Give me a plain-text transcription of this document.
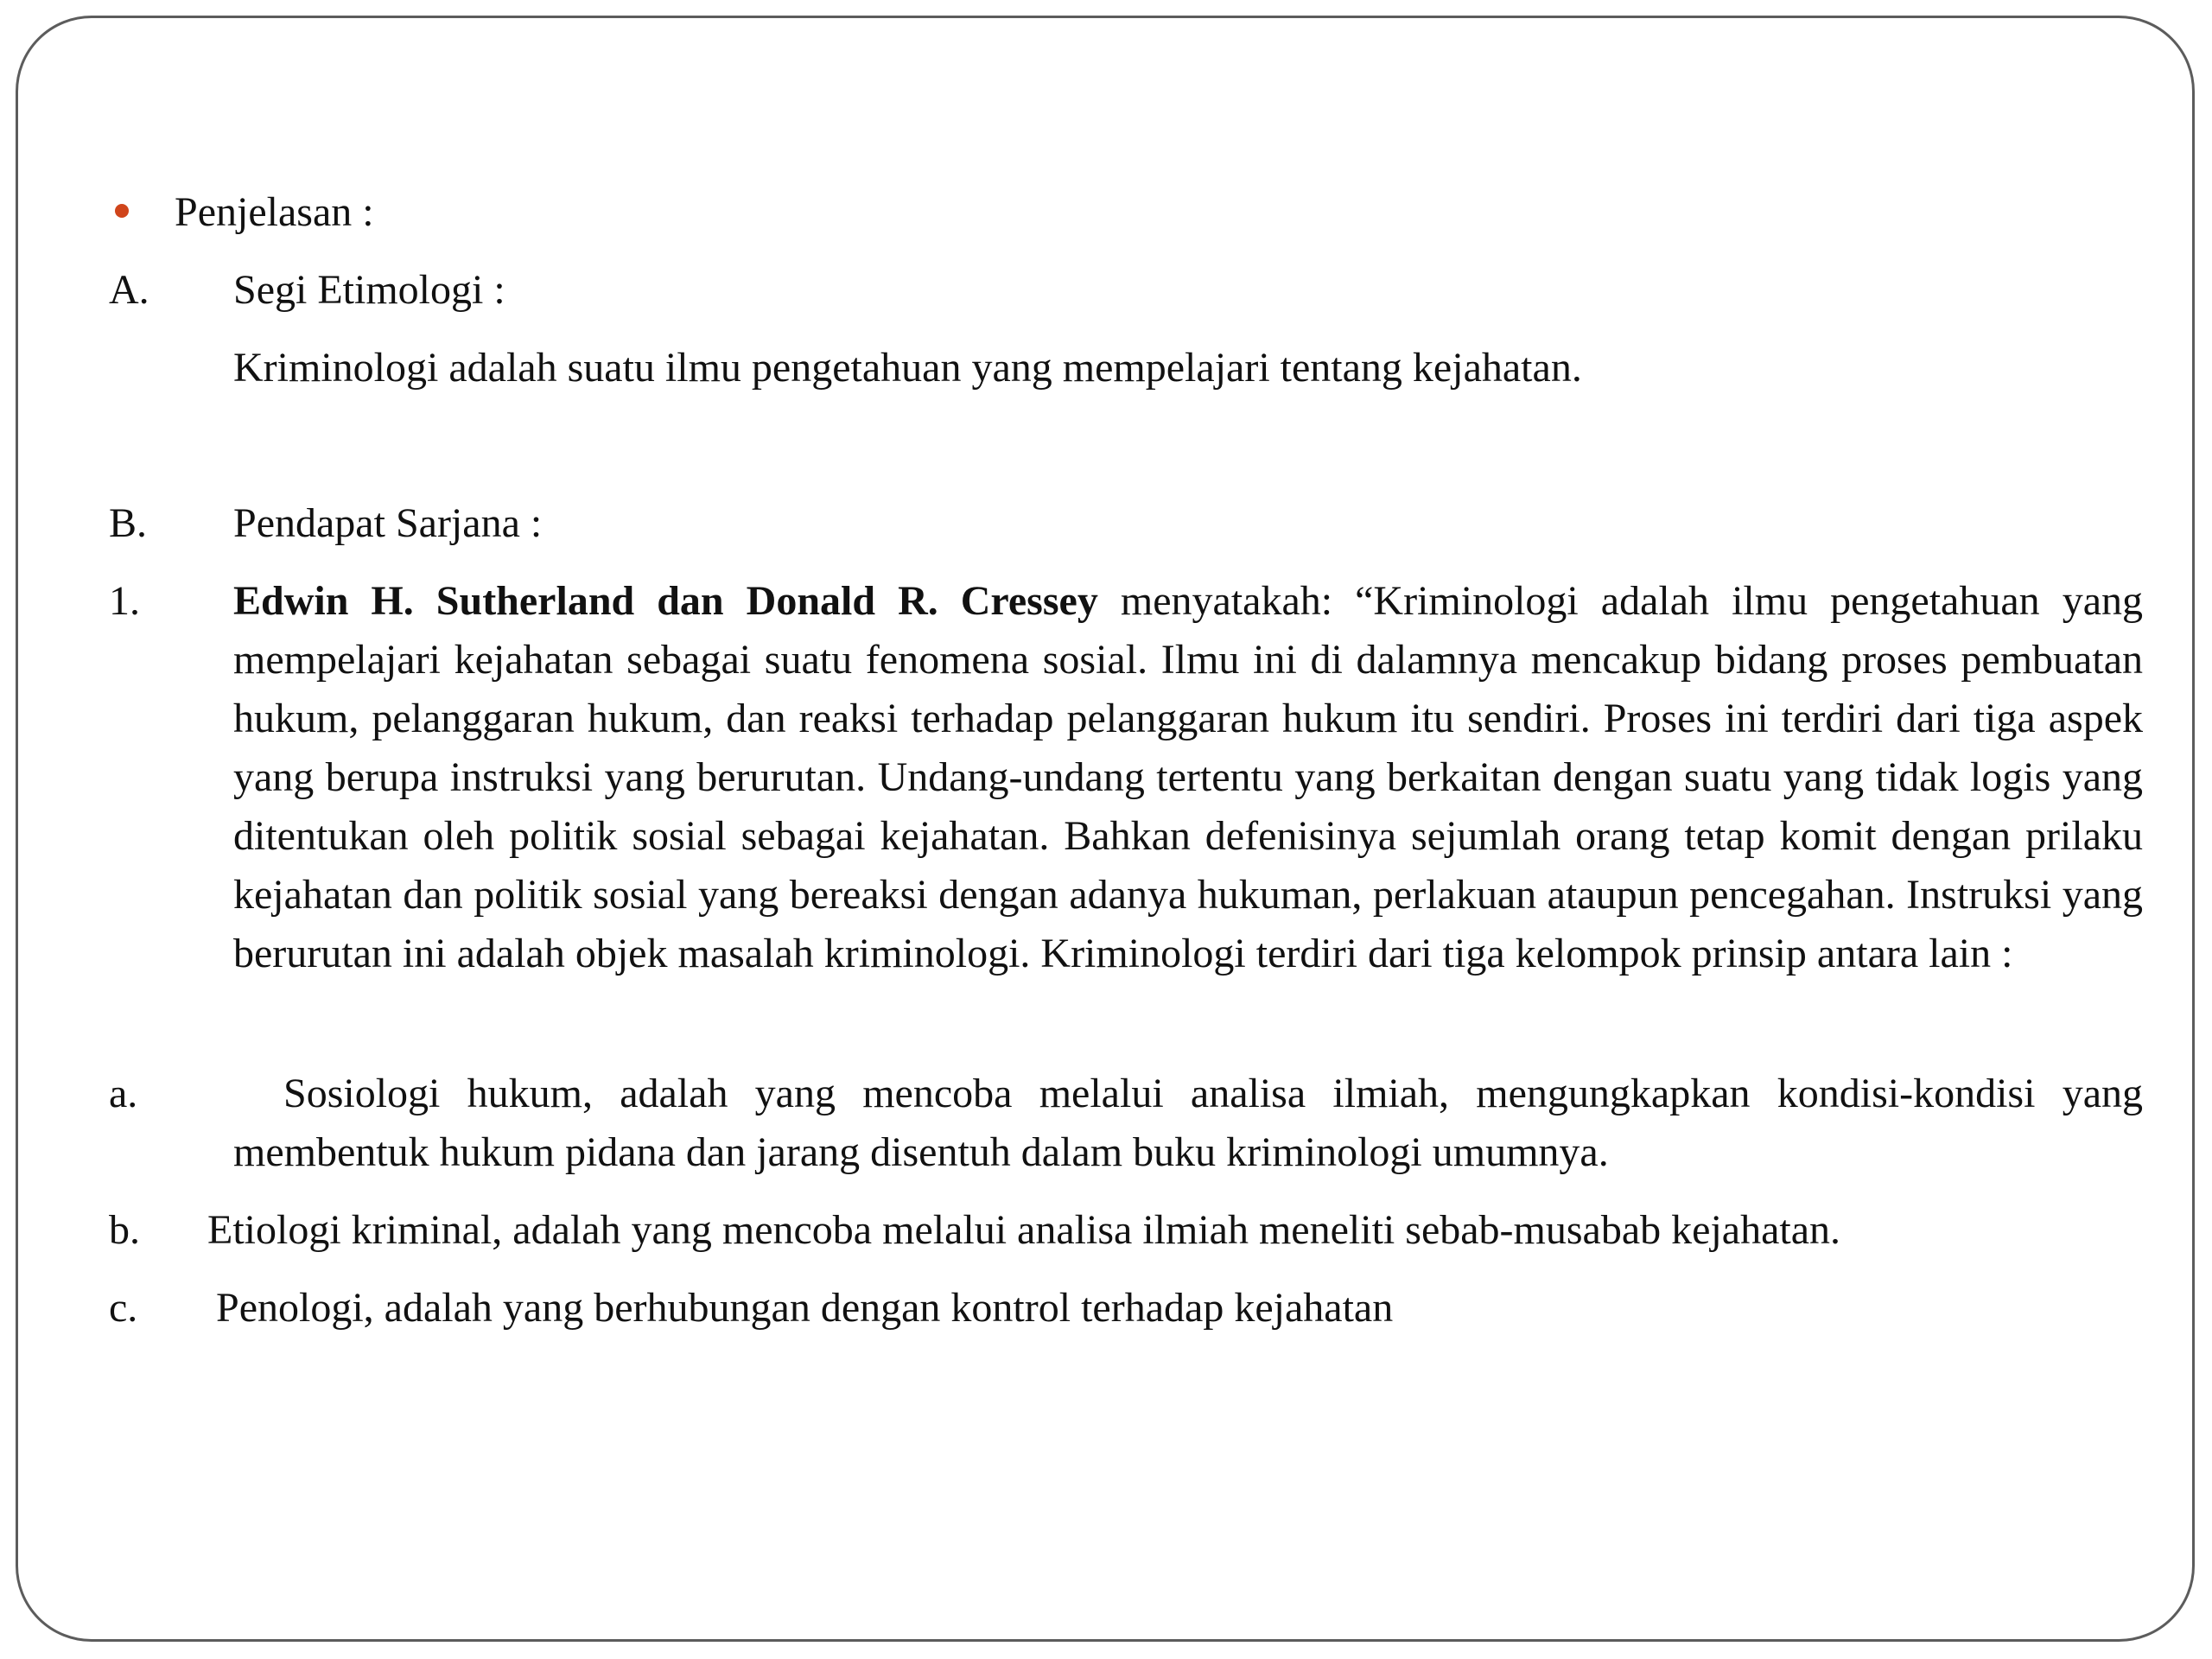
Penjelasan :
A. Segi Etimologi :
Kriminologi adalah suatu ilmu pengetahuan yang mempelajari tentang kejahatan.
B. Pendapat Sarjana :
1. Edwin H. Sutherland dan Donald R. Cressey menyatakah: “Kriminologi adalah ilmu pengetahuan yang mempelajari kejahatan sebagai suatu fenomena sosial. Ilmu ini di dalamnya mencakup bidang proses pembuatan hukum, pelanggaran hukum, dan reaksi terhadap pelanggaran hukum itu sendiri. Proses ini terdiri dari tiga aspek yang berupa instruksi yang berurutan. Undang-undang tertentu yang berkaitan dengan suatu yang tidak logis yang ditentukan oleh politik sosial sebagai kejahatan. Bahkan defenisinya sejumlah orang tetap komit dengan prilaku kejahatan dan politik sosial yang bereaksi dengan adanya hukuman, perlakuan ataupun pencegahan. Instruksi yang berurutan ini adalah objek masalah kriminologi. Kriminologi terdiri dari tiga kelompok prinsip antara lain :
a.	Sosiologi hukum, adalah yang mencoba melalui analisa ilmiah, mengungkapkan kondisi-kondisi yang membentuk hukum pidana dan jarang disentuh dalam buku kriminologi umumnya.
b. Etiologi kriminal, adalah yang mencoba melalui analisa ilmiah meneliti sebab-musabab kejahatan.
c. Penologi, adalah yang berhubungan dengan kontrol terhadap kejahatan
